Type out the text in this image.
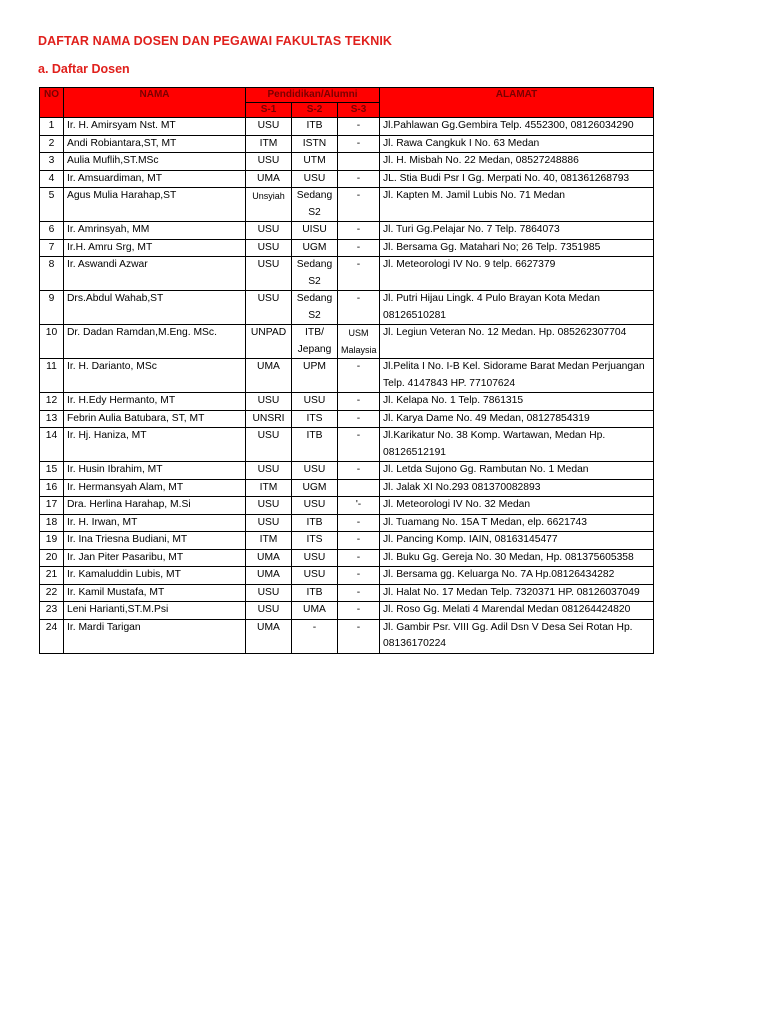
DAFTAR NAMA DOSEN DAN PEGAWAI FAKULTAS TEKNIK
a. Daftar Dosen
NO	NAMA	Pendidikan/Alumni			ALAMAT
		S-1	S-2	S-3	
1	Ir. H. Amirsyam Nst. MT	USU	ITB	-	Jl.Pahlawan Gg.Gembira Telp. 4552300, 08126034290
2	Andi Robiantara,ST, MT	ITM	ISTN	-	Jl. Rawa Cangkuk I No. 63 Medan
3	Aulia Muflih,ST.MSc	USU	UTM		Jl. H. Misbah No. 22 Medan, 08527248886
4	Ir. Amsuardiman, MT	UMA	USU	-	JL. Stia Budi Psr I Gg. Merpati No. 40, 081361268793
5	Agus Mulia Harahap,ST	Unsyiah	Sedang S2	-	Jl. Kapten M. Jamil Lubis No. 71 Medan
6	Ir. Amrinsyah, MM	USU	UISU	-	Jl. Turi Gg.Pelajar No. 7 Telp. 7864073
7	Ir.H. Amru Srg, MT	USU	UGM	-	Jl. Bersama Gg. Matahari No; 26 Telp. 7351985
8	Ir. Aswandi Azwar	USU	Sedang S2	-	Jl. Meteorologi IV No. 9 telp. 6627379
9	Drs.Abdul Wahab,ST	USU	Sedang S2	-	Jl. Putri Hijau Lingk. 4 Pulo Brayan Kota Medan 08126510281
10	Dr. Dadan Ramdan,M.Eng. MSc.	UNPAD	ITB/ Jepang	USM Malaysia	Jl. Legiun Veteran No. 12 Medan. Hp. 085262307704
11	Ir. H. Darianto, MSc	UMA	UPM	-	Jl.Pelita I No. I-B Kel. Sidorame Barat Medan Perjuangan Telp. 4147843 HP. 77107624
12	Ir. H.Edy Hermanto, MT	USU	USU	-	Jl. Kelapa No. 1 Telp. 7861315
13	Febrin Aulia Batubara, ST, MT	UNSRI	ITS	-	Jl. Karya Dame No. 49 Medan, 08127854319
14	Ir. Hj. Haniza, MT	USU	ITB	-	Jl.Karikatur No. 38 Komp. Wartawan, Medan Hp. 08126512191
15	Ir. Husin Ibrahim, MT	USU	USU	-	Jl. Letda Sujono Gg. Rambutan No. 1 Medan
16	Ir. Hermansyah Alam, MT	ITM	UGM		Jl. Jalak XI No.293 081370082893
17	Dra. Herlina Harahap, M.Si	USU	USU	'-	Jl. Meteorologi IV No. 32 Medan
18	Ir. H. Irwan, MT	USU	ITB	-	Jl. Tuamang No. 15A T Medan, elp. 6621743
19	Ir. Ina Triesna Budiani, MT	ITM	ITS	-	Jl. Pancing Komp. IAIN, 08163145477
20	Ir. Jan Piter Pasaribu, MT	UMA	USU	-	Jl. Buku Gg. Gereja No. 30 Medan, Hp. 081375605358
21	Ir. Kamaluddin Lubis, MT	UMA	USU	-	Jl. Bersama gg. Keluarga No. 7A Hp.08126434282
22	Ir. Kamil Mustafa, MT	USU	ITB	-	Jl. Halat No. 17 Medan Telp. 7320371 HP. 08126037049
23	Leni Harianti,ST.M.Psi	USU	UMA	-	Jl. Roso Gg. Melati 4 Marendal Medan 081264424820
24	Ir. Mardi Tarigan	UMA	-	-	Jl. Gambir Psr. VIII Gg. Adil Dsn V Desa Sei Rotan Hp. 08136170224
